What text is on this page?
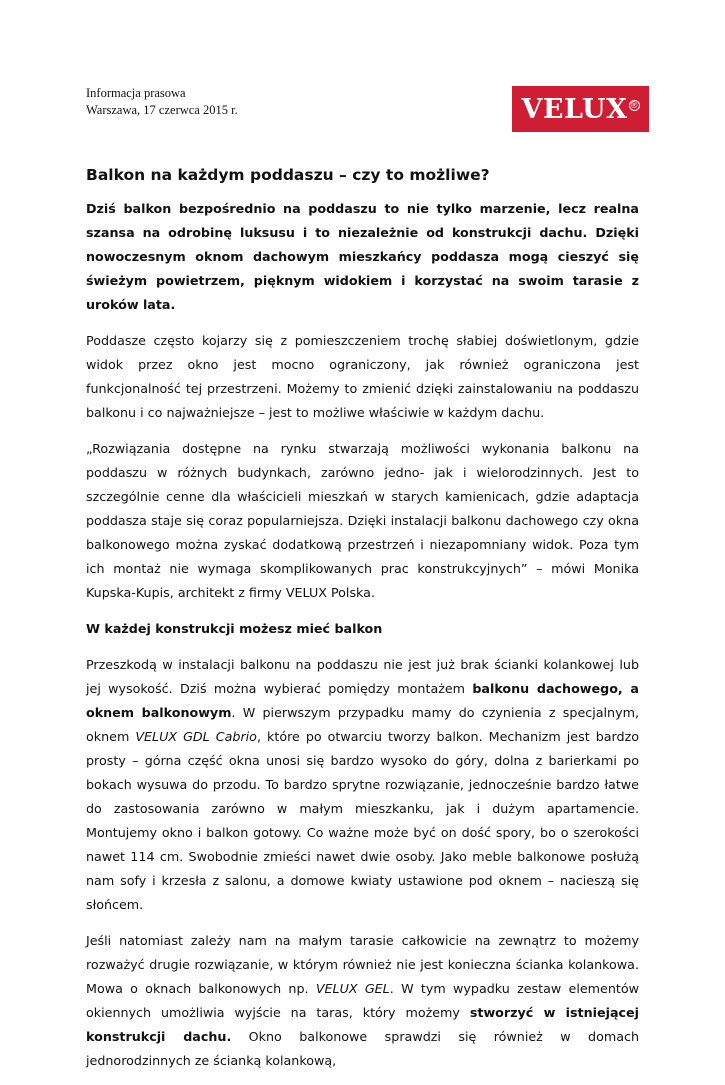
Informacja prasowa
Warszawa, 17 czerwca 2015 r.	VELUX ®
Balkon na każdym poddaszu – czy to możliwe?

Dziś balkon bezpośrednio na poddaszu to nie tylko marzenie, lecz realna szansa na odrobinę luksusu i to niezależnie od konstrukcji dachu. Dzięki nowoczesnym oknom dachowym mieszkańcy poddasza mogą cieszyć się świeżym powietrzem, pięknym widokiem i korzystać na swoim tarasie z uroków lata.

Poddasze często kojarzy się z pomieszczeniem trochę słabiej doświetlonym, gdzie widok przez okno jest mocno ograniczony, jak również ograniczona jest funkcjonalność tej przestrzeni. Możemy to zmienić dzięki zainstalowaniu na poddaszu balkonu i co najważniejsze – jest to możliwe właściwie w każdym dachu.

„Rozwiązania dostępne na rynku stwarzają możliwości wykonania balkonu na poddaszu w różnych budynkach, zarówno jedno- jak i wielorodzinnych. Jest to szczególnie cenne dla właścicieli mieszkań w starych kamienicach, gdzie adaptacja poddasza staje się coraz popularniejsza. Dzięki instalacji balkonu dachowego czy okna balkonowego można zyskać dodatkową przestrzeń i niezapomniany widok. Poza tym ich montaż nie wymaga skomplikowanych prac konstrukcyjnych” – mówi Monika Kupska-Kupis, architekt z firmy VELUX Polska.

W każdej konstrukcji możesz mieć balkon

Przeszkodą w instalacji balkonu na poddaszu nie jest już brak ścianki kolankowej lub jej wysokość. Dziś można wybierać pomiędzy montażem balkonu dachowego, a oknem balkonowym. W pierwszym przypadku mamy do czynienia z specjalnym, oknem VELUX GDL Cabrio, które po otwarciu tworzy balkon. Mechanizm jest bardzo prosty – górna część okna unosi się bardzo wysoko do góry, dolna z barierkami po bokach wysuwa do przodu. To bardzo sprytne rozwiązanie, jednocześnie bardzo łatwe do zastosowania zarówno w małym mieszkanku, jak i dużym apartamencie. Montujemy okno i balkon gotowy. Co ważne może być on dość spory, bo o szerokości nawet 114 cm. Swobodnie zmieści nawet dwie osoby. Jako meble balkonowe posłużą nam sofy i krzesła z salonu, a domowe kwiaty ustawione pod oknem – nacieszą się słońcem.

Jeśli natomiast zależy nam na małym tarasie całkowicie na zewnątrz to możemy rozważyć drugie rozwiązanie, w którym również nie jest konieczna ścianka kolankowa. Mowa o oknach balkonowych np. VELUX GEL. W tym wypadku zestaw elementów okiennych umożliwia wyjście na taras, który możemy stworzyć w istniejącej konstrukcji dachu. Okno balkonowe sprawdzi się również w domach jednorodzinnych ze ścianką kolankową,
